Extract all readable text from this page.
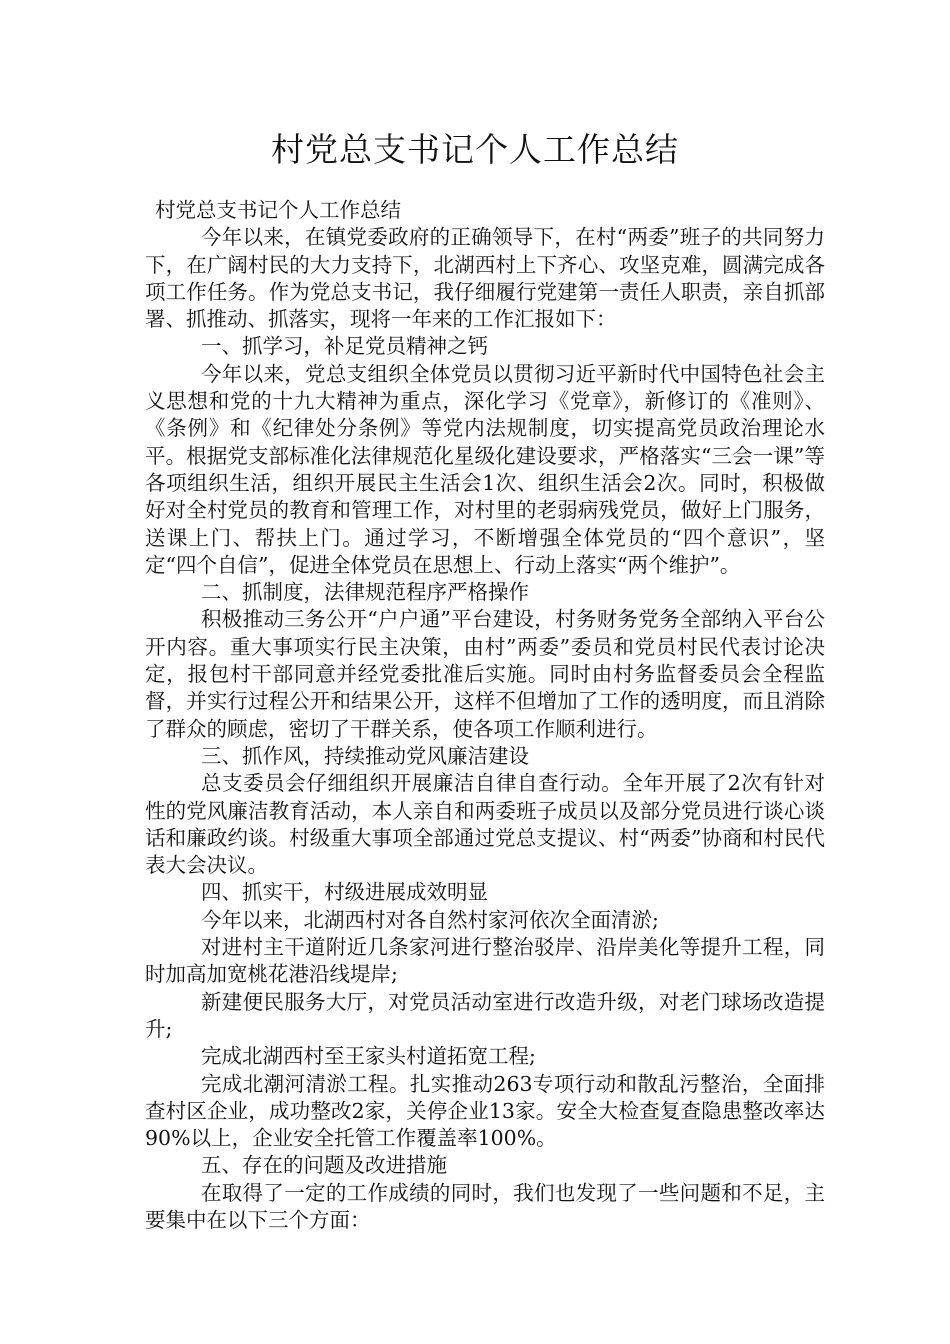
村党总支书记个人工作总结

村党总支书记个人工作总结

今年以来，在镇党委政府的正确领导下，在村“两委”班子的共同努力下，在广阔村民的大力支持下，北湖西村上下齐心、攻坚克难，圆满完成各项工作任务。作为党总支书记，我仔细履行党建第一责任人职责，亲自抓部署、抓推动、抓落实，现将一年来的工作汇报如下：

一、抓学习，补足党员精神之钙

今年以来，党总支组织全体党员以贯彻习近平新时代中国特色社会主义思想和党的十九大精神为重点，深化学习《党章》，新修订的《准则》、《条例》和《纪律处分条例》等党内法规制度，切实提高党员政治理论水平。根据党支部标准化法律规范化星级化建设要求，严格落实“三会一课”等各项组织生活，组织开展民主生活会1次、组织生活会2次。同时，积极做好对全村党员的教育和管理工作，对村里的老弱病残党员，做好上门服务，送课上门、帮扶上门。通过学习，不断增强全体党员的“四个意识”，坚定“四个自信”，促进全体党员在思想上、行动上落实“两个维护”。

二、抓制度，法律规范程序严格操作

积极推动三务公开“户户通”平台建设，村务财务党务全部纳入平台公开内容。重大事项实行民主决策，由村”两委”委员和党员村民代表讨论决定，报包村干部同意并经党委批准后实施。同时由村务监督委员会全程监督，并实行过程公开和结果公开，这样不但增加了工作的透明度，而且消除了群众的顾虑，密切了干群关系，使各项工作顺利进行。

三、抓作风，持续推动党风廉洁建设

总支委员会仔细组织开展廉洁自律自查行动。全年开展了2次有针对性的党风廉洁教育活动，本人亲自和两委班子成员以及部分党员进行谈心谈话和廉政约谈。村级重大事项全部通过党总支提议、村“两委”协商和村民代表大会决议。

四、抓实干，村级进展成效明显

今年以来，北湖西村对各自然村家河依次全面清淤;

对进村主干道附近几条家河进行整治驳岸、沿岸美化等提升工程，同时加高加宽桃花港沿线堤岸;

新建便民服务大厅，对党员活动室进行改造升级，对老门球场改造提升;

完成北湖西村至王家头村道拓宽工程;

完成北潮河清淤工程。扎实推动263专项行动和散乱污整治，全面排查村区企业，成功整改2家，关停企业13家。安全大检查复查隐患整改率达90%以上，企业安全托管工作覆盖率100%。

五、存在的问题及改进措施

在取得了一定的工作成绩的同时，我们也发现了一些问题和不足，主要集中在以下三个方面：
